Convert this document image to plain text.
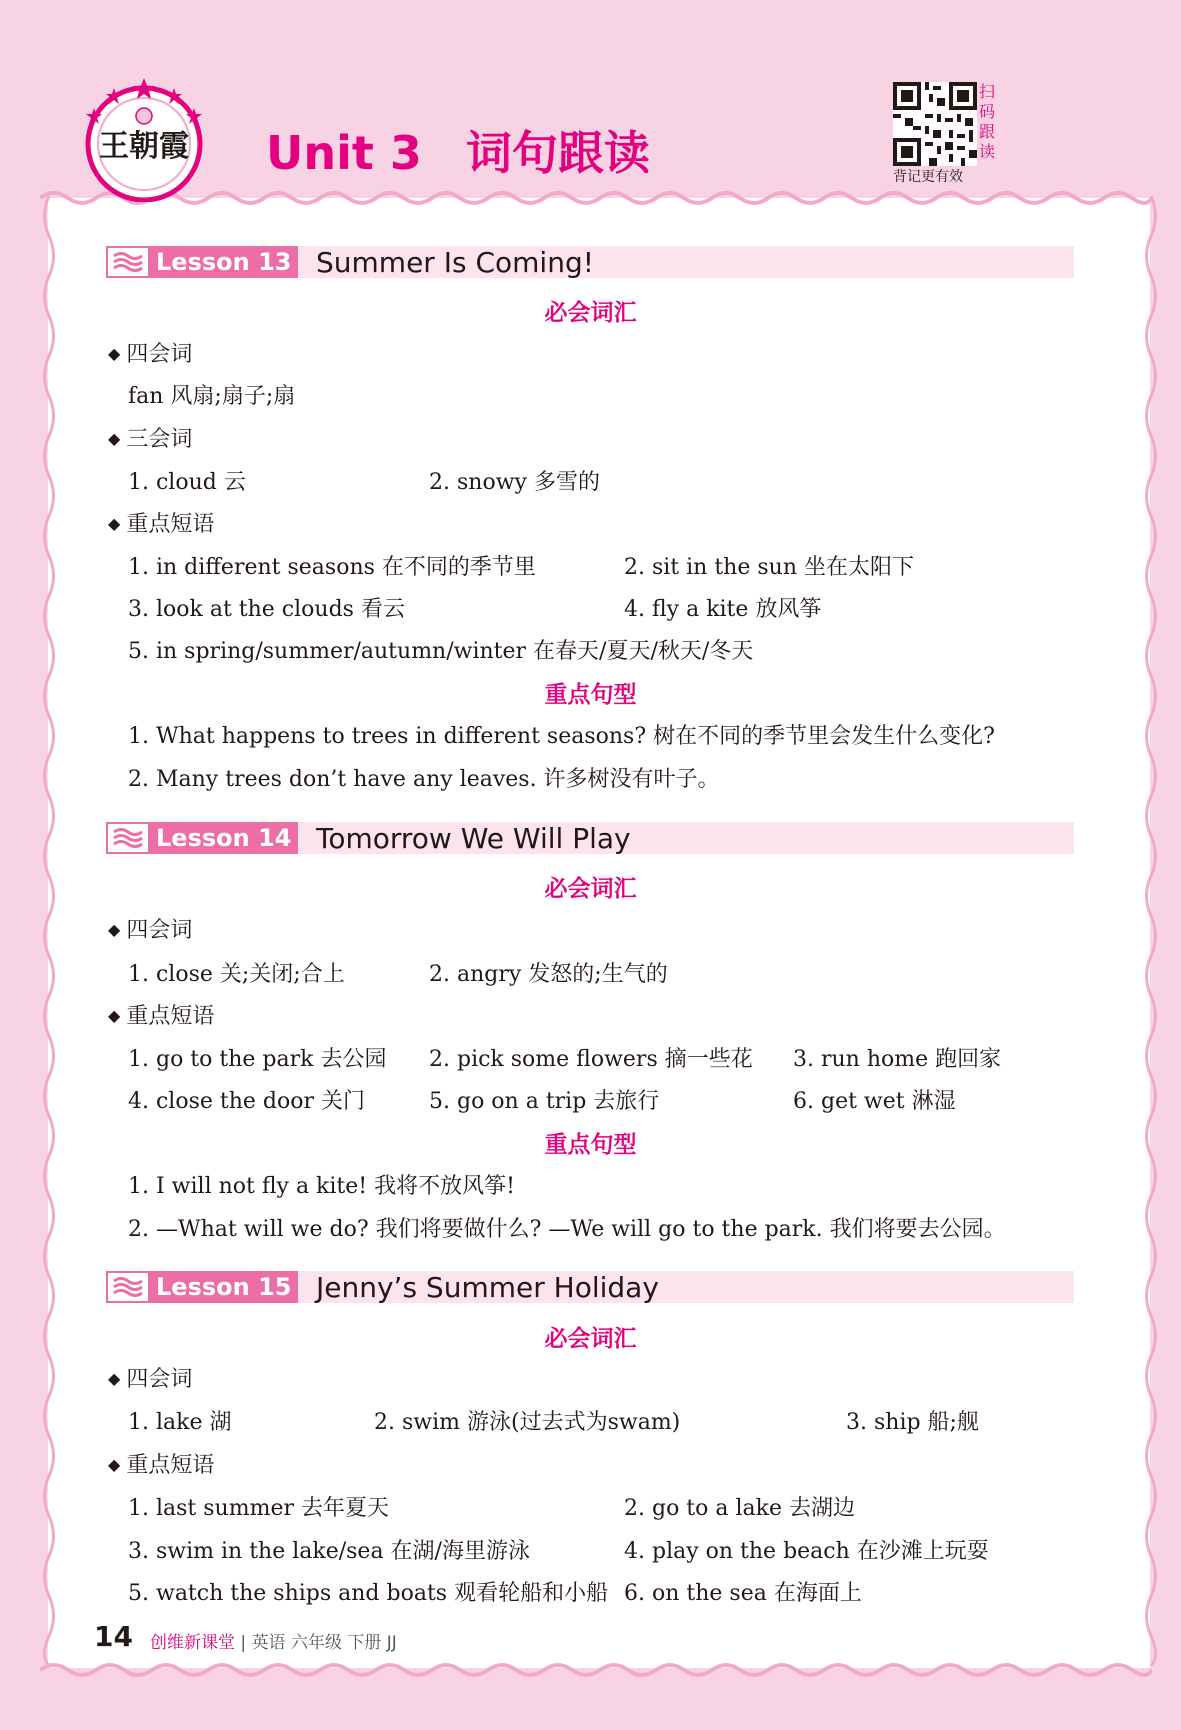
王朝霞 Unit 3 词句跟读
扫
码
跟
读
背记更有效
Lesson 13 Summer Is Coming!
必会词汇
◆ 四会词
fan 风扇;扇子;扇
◆ 三会词
1. cloud 云	2. snowy 多雪的
◆ 重点短语
1. in different seasons 在不同的季节里	2. sit in the sun 坐在太阳下
3. look at the clouds 看云	4. fly a kite 放风筝
5. in spring/summer/autumn/winter 在春天/夏天/秋天/冬天
重点句型
1. What happens to trees in different seasons? 树在不同的季节里会发生什么变化?
2. Many trees don’t have any leaves. 许多树没有叶子。
Lesson 14 Tomorrow We Will Play
必会词汇
◆ 四会词
1. close 关;关闭;合上	2. angry 发怒的;生气的
◆ 重点短语
1. go to the park 去公园 2. pick some flowers 摘一些花 3. run home 跑回家
4. close the door 关门	5. go on a trip 去旅行	6. get wet 淋湿
重点句型
1. I will not fly a kite! 我将不放风筝!
2. —What will we do? 我们将要做什么? —We will go to the park. 我们将要去公园。
Lesson 15 Jenny’s Summer Holiday
必会词汇
◆ 四会词
1. lake 湖	2. swim 游泳(过去式为swam)	3. ship 船;舰
◆ 重点短语
1. last summer 去年夏天	2. go to a lake 去湖边
3. swim in the lake/sea 在湖/海里游泳	4. play on the beach 在沙滩上玩耍
5. watch the ships and boats 观看轮船和小船 6. on the sea 在海面上
14 创维新课堂 | 英语 六年级 下册 JJ
